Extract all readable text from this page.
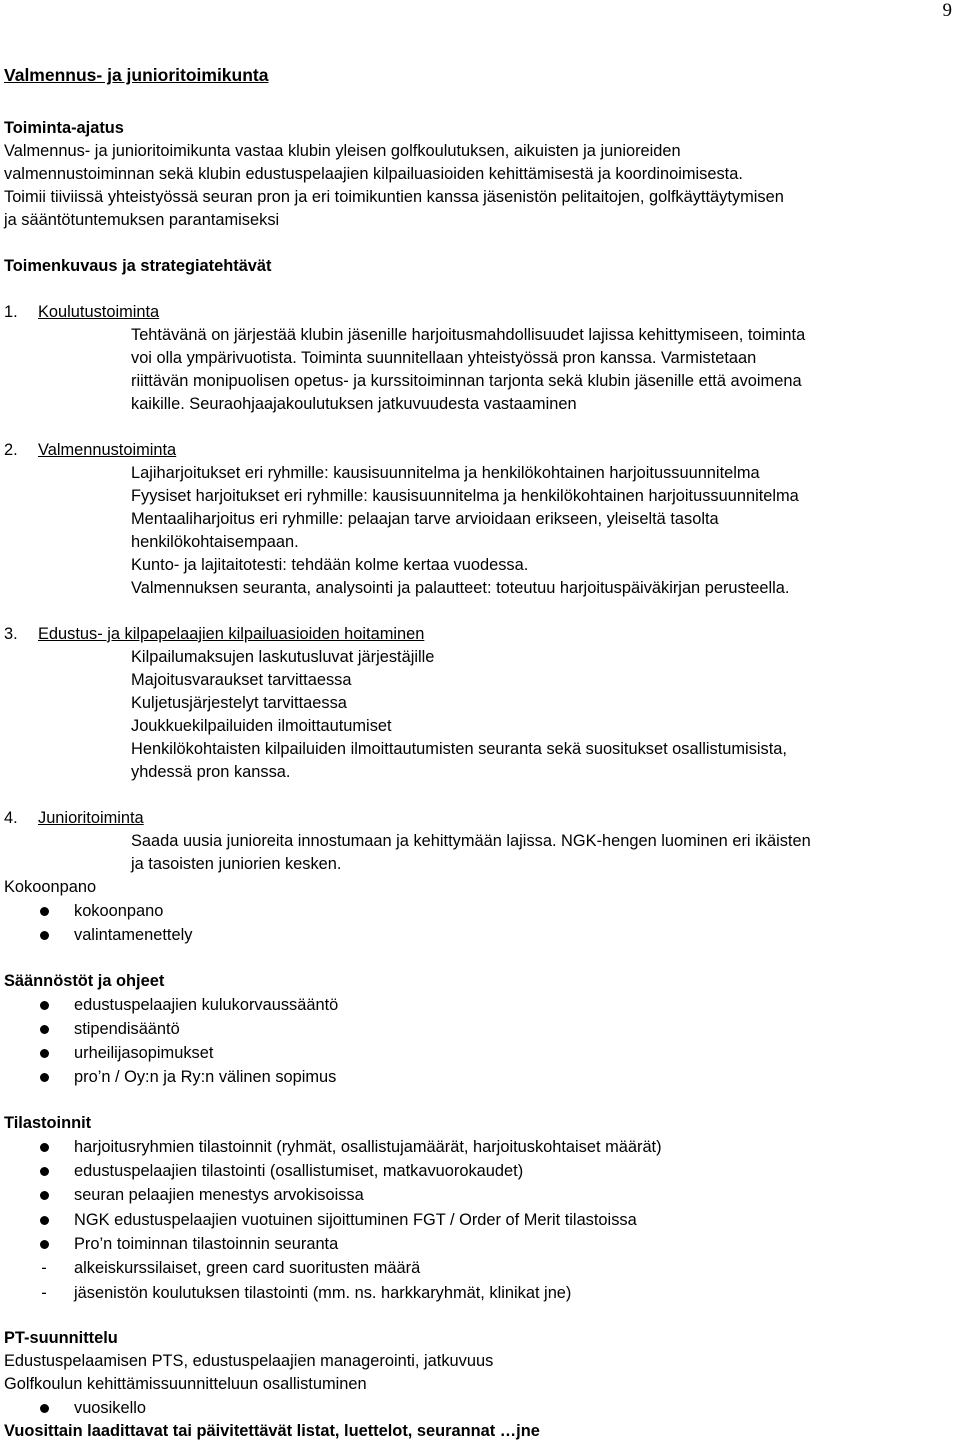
9
Valmennus- ja junioritoimikunta
Toiminta-ajatus
Valmennus- ja junioritoimikunta vastaa klubin yleisen golfkoulutuksen, aikuisten ja junioreiden
valmennustoiminnan sekä klubin edustuspelaajien kilpailuasioiden kehittämisestä ja koordinoimisesta.
Toimii tiiviissä yhteistyössä seuran pron ja eri toimikuntien kanssa jäsenistön pelitaitojen, golfkäyttäytymisen
ja sääntötuntemuksen parantamiseksi
Toimenkuvaus ja strategiatehtävät
1. Koulutustoiminta
Tehtävänä on järjestää klubin jäsenille harjoitusmahdollisuudet lajissa kehittymiseen, toiminta
voi olla ympärivuotista. Toiminta suunnitellaan yhteistyössä pron kanssa. Varmistetaan
riittävän monipuolisen opetus- ja kurssitoiminnan tarjonta sekä klubin jäsenille että avoimena
kaikille. Seuraohjaajakoulutuksen jatkuvuudesta vastaaminen
2. Valmennustoiminta
Lajiharjoitukset eri ryhmille: kausisuunnitelma ja henkilökohtainen harjoitussuunnitelma
Fyysiset harjoitukset eri ryhmille: kausisuunnitelma ja henkilökohtainen harjoitussuunnitelma
Mentaaliharjoitus eri ryhmille: pelaajan tarve arvioidaan erikseen, yleiseltä tasolta
henkilökohtaisempaan.
Kunto- ja lajitaitotesti: tehdään kolme kertaa vuodessa.
Valmennuksen seuranta, analysointi ja palautteet: toteutuu harjoituspäiväkirjan perusteella.
3. Edustus- ja kilpapelaajien kilpailuasioiden hoitaminen
Kilpailumaksujen laskutusluvat järjestäjille
Majoitusvaraukset tarvittaessa
Kuljetusjärjestelyt tarvittaessa
Joukkuekilpailuiden ilmoittautumiset
Henkilökohtaisten kilpailuiden ilmoittautumisten seuranta sekä suositukset osallistumisista,
yhdessä pron kanssa.
4. Junioritoiminta
Saada uusia junioreita innostumaan ja kehittymään lajissa. NGK-hengen luominen eri ikäisten
ja tasoisten juniorien kesken.
Kokoonpano
kokoonpano
valintamenettely
Säännöstöt ja ohjeet
edustuspelaajien kulukorvaussääntö
stipendisääntö
urheilijasopimukset
pro’n / Oy:n ja Ry:n välinen sopimus
Tilastoinnit
harjoitusryhmien tilastoinnit (ryhmät, osallistujamäärät, harjoituskohtaiset määrät)
edustuspelaajien tilastointi (osallistumiset, matkavuorokaudet)
seuran pelaajien menestys arvokisoissa
NGK edustuspelaajien vuotuinen sijoittuminen FGT / Order of Merit tilastoissa
Pro’n toiminnan tilastoinnin seuranta
- alkeiskurssilaiset, green card suoritusten määrä
- jäsenistön koulutuksen tilastointi (mm. ns. harkkaryhmät, klinikat jne)
PT-suunnittelu
Edustuspelaamisen PTS, edustuspelaajien managerointi, jatkuvuus
Golfkoulun kehittämissuunnitteluun osallistuminen
vuosikello
Vuosittain laadittavat tai päivitettävät listat, luettelot, seurannat …jne
